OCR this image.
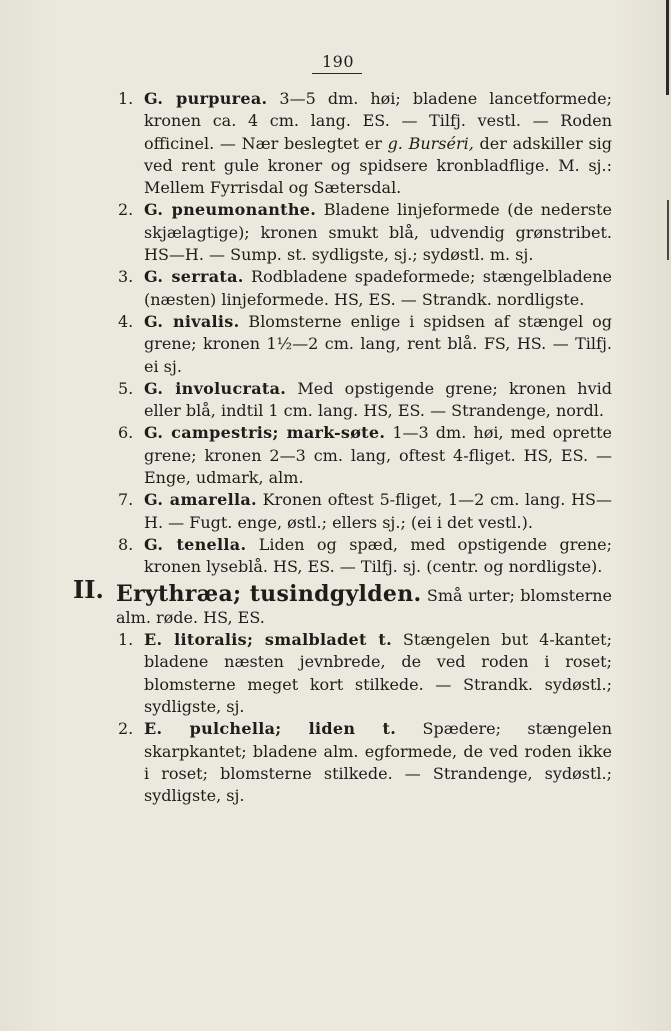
190
1. G. purpurea. 3—5 dm. høi; bladene lancetformede; kronen ca. 4 cm. lang. ES. — Tilfj. vestl. — Roden officinel. — Nær beslegtet er g. Burséri, der adskiller sig ved rent gule kroner og spidsere kronbladflige. M. sj.: Mellem Fyrrisdal og Sætersdal.
2. G. pneumonanthe. Bladene linjeformede (de nederste skjælagtige); kronen smukt blå, udvendig grønstribet. HS—H. — Sump. st. sydligste, sj.; sydøstl. m. sj.
3. G. serrata. Rodbladene spadeformede; stængelbladene (næsten) linjeformede. HS, ES. — Strandk. nordligste.
4. G. nivalis. Blomsterne enlige i spidsen af stængel og grene; kronen 1½—2 cm. lang, rent blå. FS, HS. — Tilfj. ei sj.
5. G. involucrata. Med opstigende grene; kronen hvid eller blå, indtil 1 cm. lang. HS, ES. — Strandenge, nordl.
6. G. campestris; mark-søte. 1—3 dm. høi, med oprette grene; kronen 2—3 cm. lang, oftest 4-fliget. HS, ES. — Enge, udmark, alm.
7. G. amarella. Kronen oftest 5-fliget, 1—2 cm. lang. HS—H. — Fugt. enge, østl.; ellers sj.; (ei i det vestl.).
8. G. tenella. Liden og spæd, med opstigende grene; kronen lyseblå. HS, ES. — Tilfj. sj. (centr. og nordligste).
II. Erythræa; tusindgylden. Små urter; blomsterne alm. røde. HS, ES.
1. E. litoralis; smalbladet t. Stængelen but 4-kantet; bladene næsten jevnbrede, de ved roden i roset; blomsterne meget kort stilkede. — Strandk. sydøstl.; sydligste, sj.
2. E. pulchella; liden t. Spædere; stængelen skarpkantet; bladene alm. egformede, de ved roden ikke i roset; blomsterne stilkede. — Strandenge, sydøstl.; sydligste, sj.
